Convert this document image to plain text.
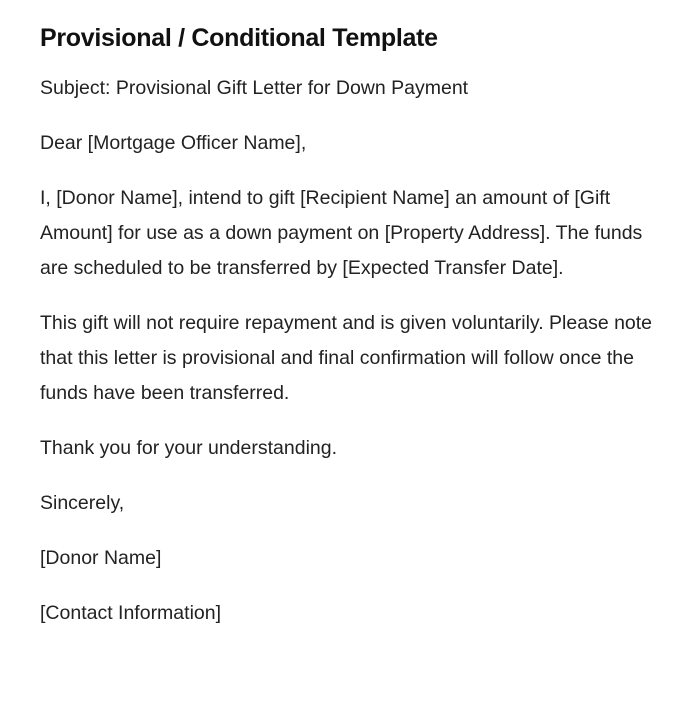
Provisional / Conditional Template

Subject: Provisional Gift Letter for Down Payment

Dear [Mortgage Officer Name],

I, [Donor Name], intend to gift [Recipient Name] an amount of [Gift Amount] for use as a down payment on [Property Address]. The funds are scheduled to be transferred by [Expected Transfer Date].

This gift will not require repayment and is given voluntarily. Please note that this letter is provisional and final confirmation will follow once the funds have been transferred.

Thank you for your understanding.

Sincerely,

[Donor Name]

[Contact Information]
